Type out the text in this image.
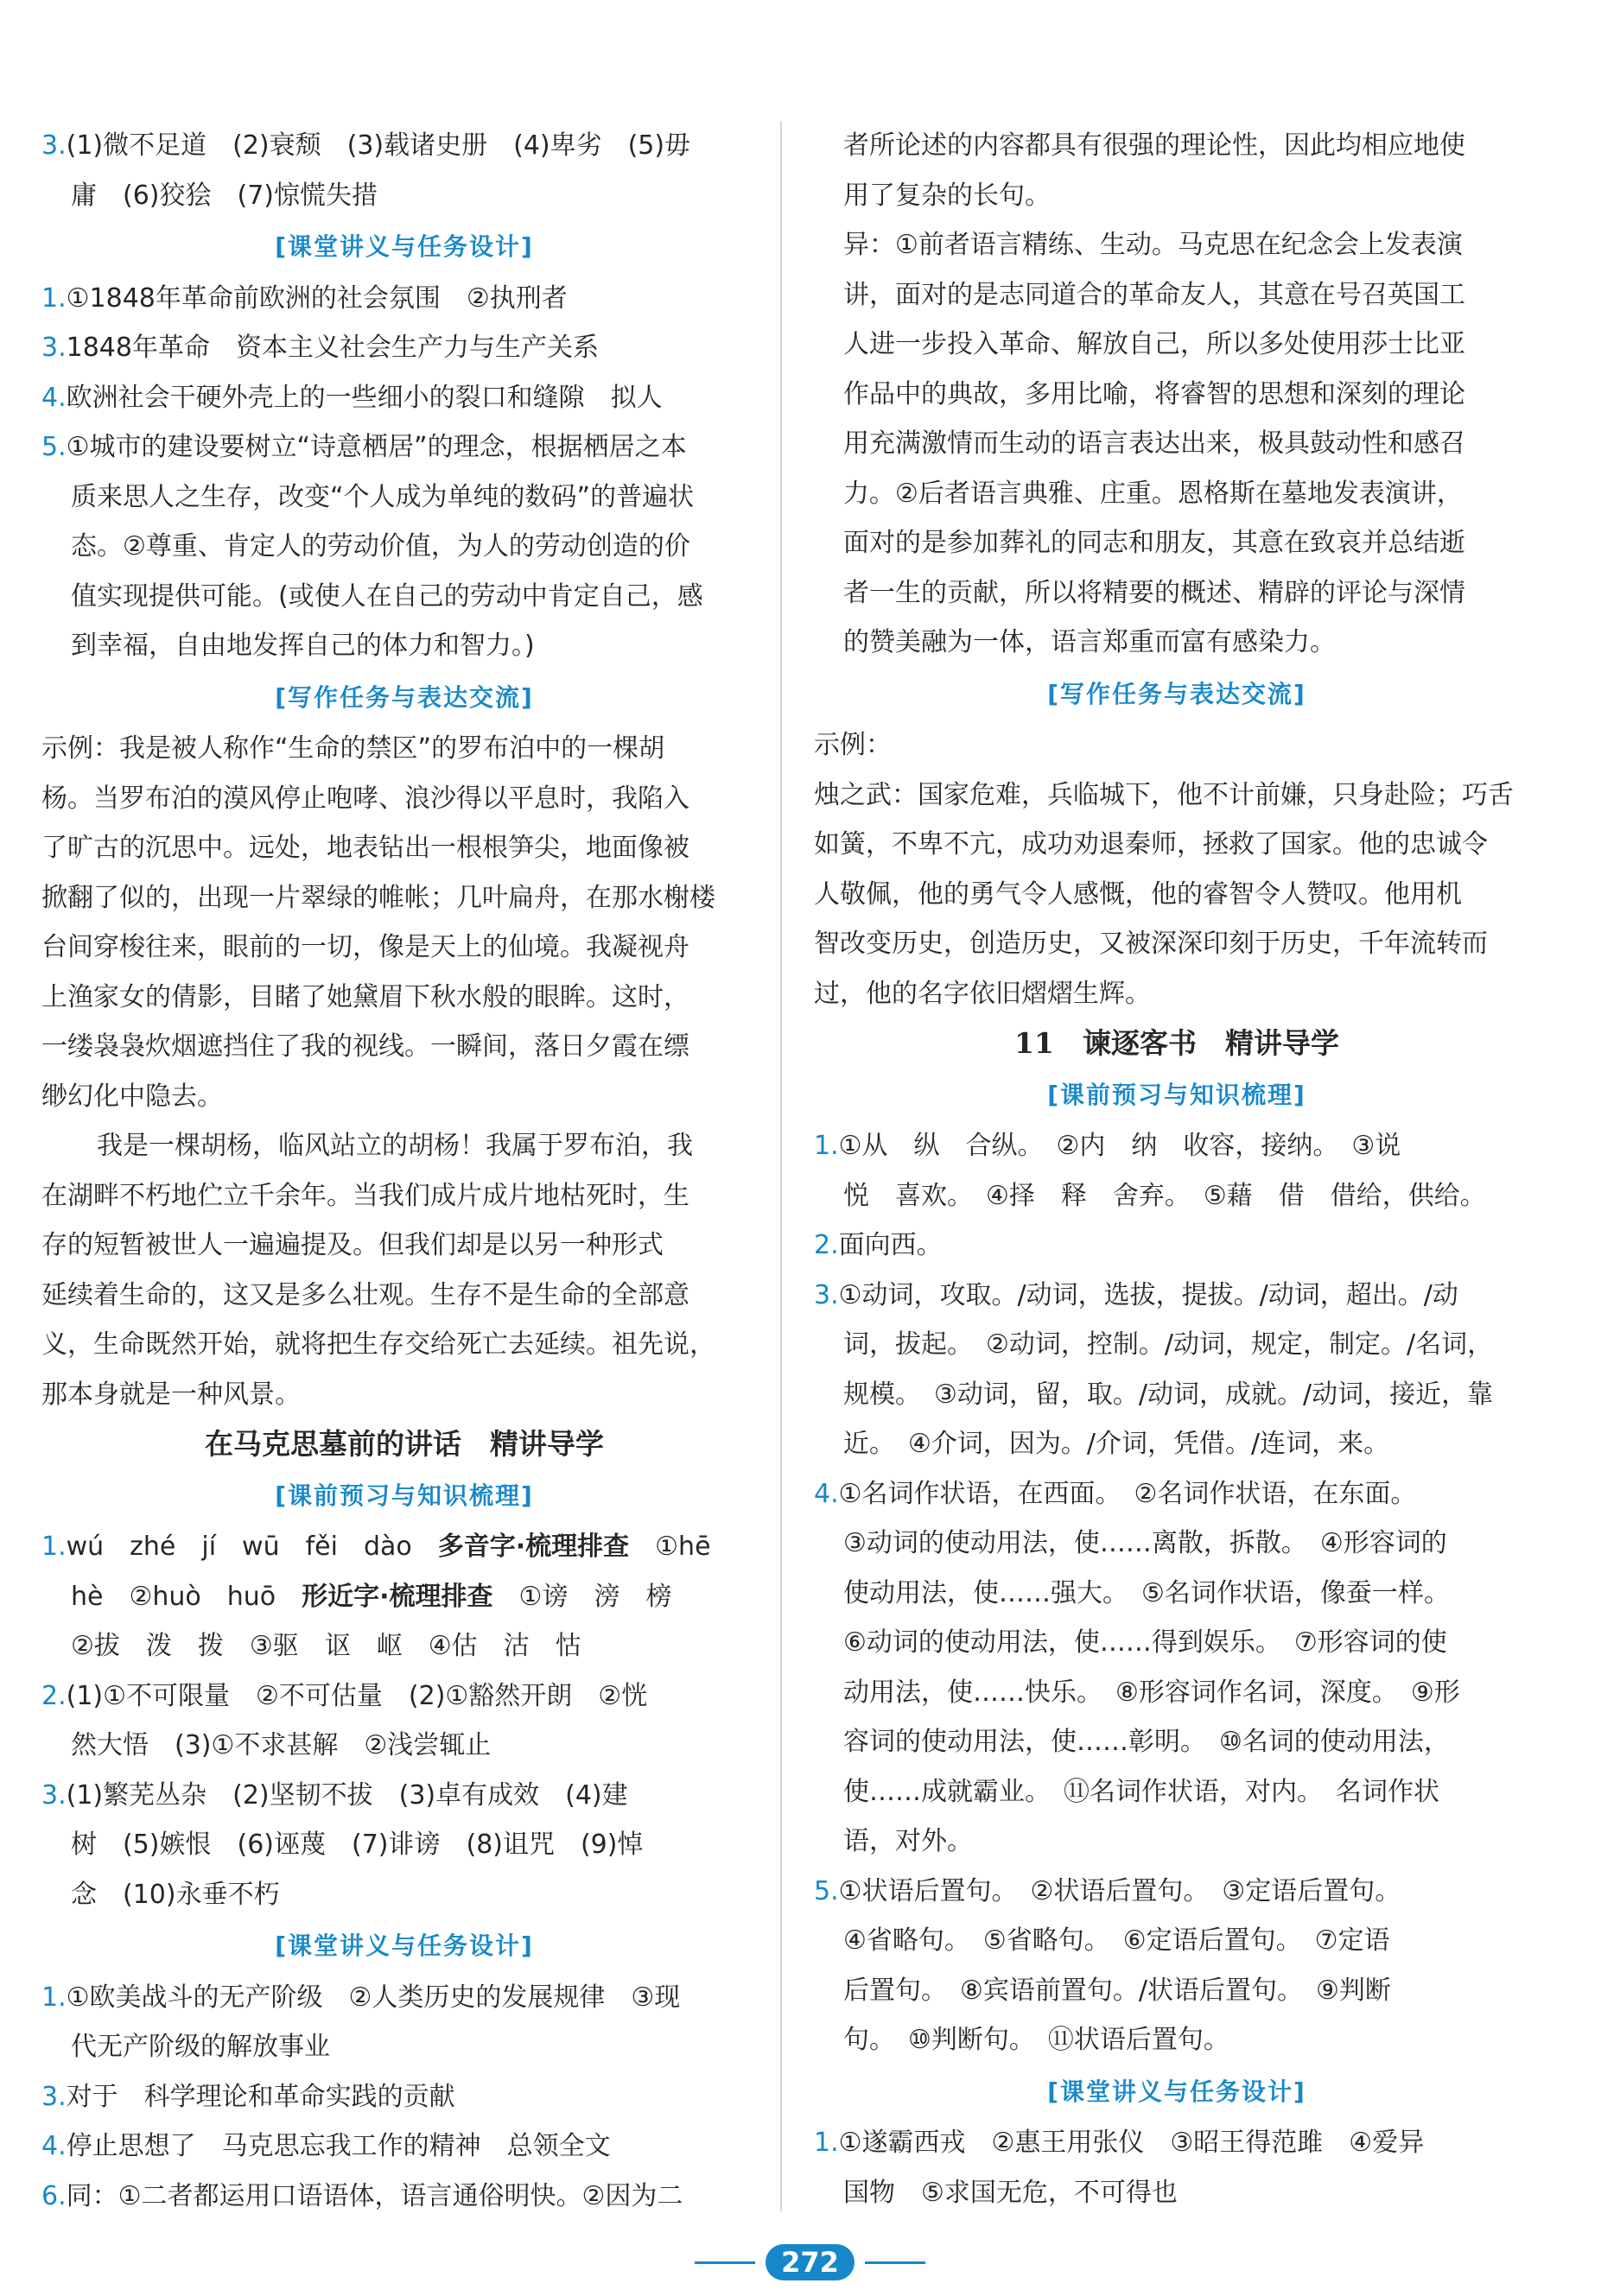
3.(1)微不足道　(2)衰颓　(3)载诸史册　(4)卑劣　(5)毋
庸　(6)狡狯　(7)惊慌失措
[课堂讲义与任务设计]
1.①1848年革命前欧洲的社会氛围　②执刑者
3.1848年革命　资本主义社会生产力与生产关系
4.欧洲社会干硬外壳上的一些细小的裂口和缝隙　拟人
5.①城市的建设要树立“诗意栖居”的理念，根据栖居之本
质来思人之生存，改变“个人成为单纯的数码”的普遍状
态。②尊重、肯定人的劳动价值，为人的劳动创造的价
值实现提供可能。(或使人在自己的劳动中肯定自己，感
到幸福，自由地发挥自己的体力和智力。)
[写作任务与表达交流]
示例：我是被人称作“生命的禁区”的罗布泊中的一棵胡
杨。当罗布泊的漠风停止咆哮、浪沙得以平息时，我陷入
了旷古的沉思中。远处，地表钻出一根根笋尖，地面像被
掀翻了似的，出现一片翠绿的帷帐；几叶扁舟，在那水榭楼
台间穿梭往来，眼前的一切，像是天上的仙境。我凝视舟
上渔家女的倩影，目睹了她黛眉下秋水般的眼眸。这时，
一缕袅袅炊烟遮挡住了我的视线。一瞬间，落日夕霞在缥
缈幻化中隐去。
我是一棵胡杨，临风站立的胡杨！我属于罗布泊，我
在湖畔不朽地伫立千余年。当我们成片成片地枯死时，生
存的短暂被世人一遍遍提及。但我们却是以另一种形式
延续着生命的，这又是多么壮观。生存不是生命的全部意
义，生命既然开始，就将把生存交给死亡去延续。祖先说，
那本身就是一种风景。
在马克思墓前的讲话　精讲导学
[课前预习与知识梳理]
1.wú　zhé　jí　wū　fěi　dào　多音字·梳理排查　①hē
hè　②huò　huō　形近字·梳理排查　①谤　滂　榜
②拔　泼　拨　③驱　讴　岖　④估　沽　怙
2.(1)①不可限量　②不可估量　(2)①豁然开朗　②恍
然大悟　(3)①不求甚解　②浅尝辄止
3.(1)繁芜丛杂　(2)坚韧不拔　(3)卓有成效　(4)建
树　(5)嫉恨　(6)诬蔑　(7)诽谤　(8)诅咒　(9)悼
念　(10)永垂不朽
[课堂讲义与任务设计]
1.①欧美战斗的无产阶级　②人类历史的发展规律　③现
代无产阶级的解放事业
3.对于　科学理论和革命实践的贡献
4.停止思想了　马克思忘我工作的精神　总领全文
6.同：①二者都运用口语语体，语言通俗明快。②因为二
者所论述的内容都具有很强的理论性，因此均相应地使
用了复杂的长句。
异：①前者语言精练、生动。马克思在纪念会上发表演
讲，面对的是志同道合的革命友人，其意在号召英国工
人进一步投入革命、解放自己，所以多处使用莎士比亚
作品中的典故，多用比喻，将睿智的思想和深刻的理论
用充满激情而生动的语言表达出来，极具鼓动性和感召
力。②后者语言典雅、庄重。恩格斯在墓地发表演讲，
面对的是参加葬礼的同志和朋友，其意在致哀并总结逝
者一生的贡献，所以将精要的概述、精辟的评论与深情
的赞美融为一体，语言郑重而富有感染力。
[写作任务与表达交流]
示例：
烛之武：国家危难，兵临城下，他不计前嫌，只身赴险；巧舌
如簧，不卑不亢，成功劝退秦师，拯救了国家。他的忠诚令
人敬佩，他的勇气令人感慨，他的睿智令人赞叹。他用机
智改变历史，创造历史，又被深深印刻于历史，千年流转而
过，他的名字依旧熠熠生辉。
11　谏逐客书　精讲导学
[课前预习与知识梳理]
1.①从　纵　合纵。　②内　纳　收容，接纳。　③说
悦　喜欢。　④择　释　舍弃。　⑤藉　借　借给，供给。
2.面向西。
3.①动词，攻取。/动词，选拔，提拔。/动词，超出。/动
词，拔起。　②动词，控制。/动词，规定，制定。/名词，
规模。　③动词，留，取。/动词，成就。/动词，接近，靠
近。　④介词，因为。/介词，凭借。/连词，来。
4.①名词作状语，在西面。　②名词作状语，在东面。
③动词的使动用法，使……离散，拆散。　④形容词的
使动用法，使……强大。　⑤名词作状语，像蚕一样。
⑥动词的使动用法，使……得到娱乐。　⑦形容词的使
动用法，使……快乐。　⑧形容词作名词，深度。　⑨形
容词的使动用法，使……彰明。　⑩名词的使动用法，
使……成就霸业。　⑪名词作状语，对内。　名词作状
语，对外。
5.①状语后置句。　②状语后置句。　③定语后置句。
④省略句。　⑤省略句。　⑥定语后置句。　⑦定语
后置句。　⑧宾语前置句。/状语后置句。　⑨判断
句。　⑩判断句。　⑪状语后置句。
[课堂讲义与任务设计]
1.①遂霸西戎　②惠王用张仪　③昭王得范雎　④爱异
国物　⑤求国无危，不可得也
272
